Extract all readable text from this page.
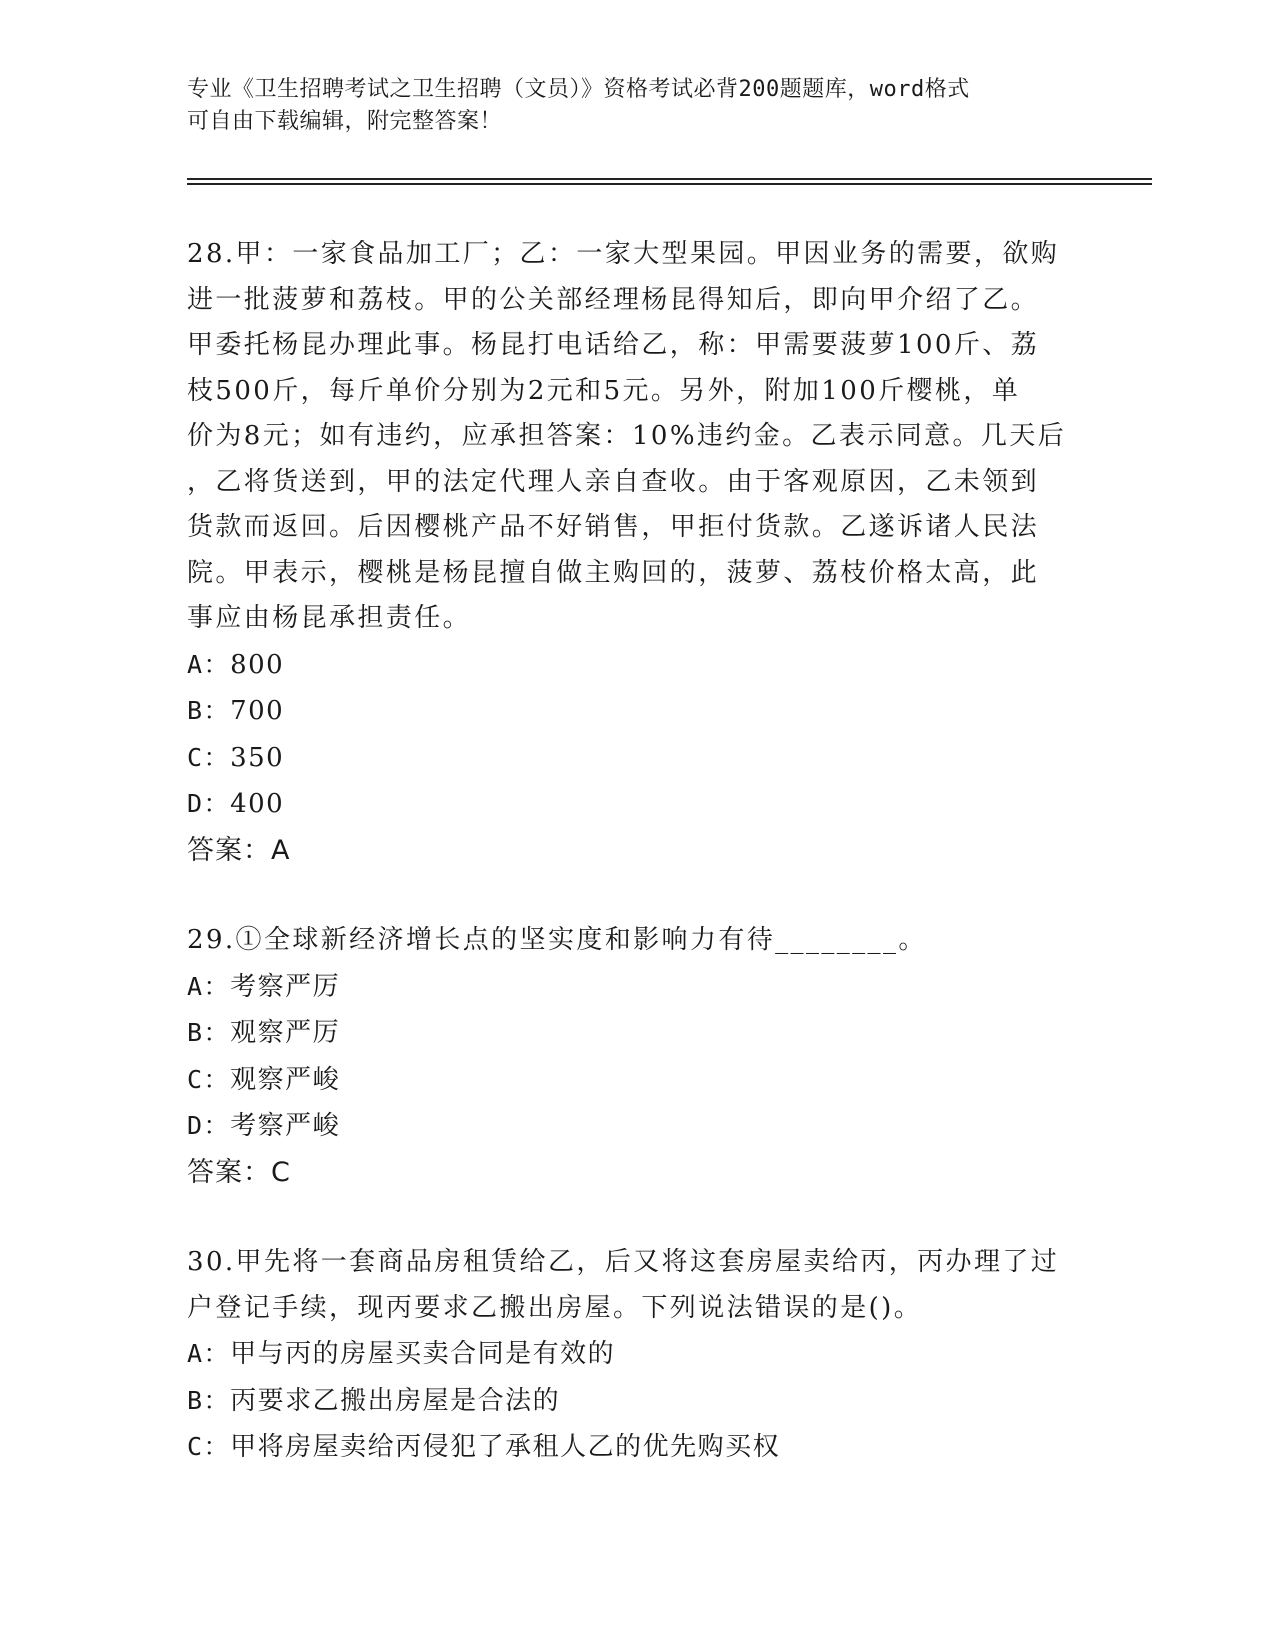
专业《卫生招聘考试之卫生招聘（文员）》资格考试必背200题题库，word格式
可自由下载编辑，附完整答案！
28.甲：一家食品加工厂；乙：一家大型果园。甲因业务的需要，欲购
进一批菠萝和荔枝。甲的公关部经理杨昆得知后，即向甲介绍了乙。
甲委托杨昆办理此事。杨昆打电话给乙，称：甲需要菠萝100斤、荔
枝500斤，每斤单价分别为2元和5元。另外，附加100斤樱桃，单
价为8元；如有违约，应承担答案：10%违约金。乙表示同意。几天后
，乙将货送到，甲的法定代理人亲自查收。由于客观原因，乙未领到
货款而返回。后因樱桃产品不好销售，甲拒付货款。乙遂诉诸人民法
院。甲表示，樱桃是杨昆擅自做主购回的，菠萝、荔枝价格太高，此
事应由杨昆承担责任。
A：800
B：700
C：350
D：400
答案：A
29.①全球新经济增长点的坚实度和影响力有待________。
A：考察严厉
B：观察严厉
C：观察严峻
D：考察严峻
答案：C
30.甲先将一套商品房租赁给乙，后又将这套房屋卖给丙，丙办理了过
户登记手续，现丙要求乙搬出房屋。下列说法错误的是()。
A：甲与丙的房屋买卖合同是有效的
B：丙要求乙搬出房屋是合法的
C：甲将房屋卖给丙侵犯了承租人乙的优先购买权
